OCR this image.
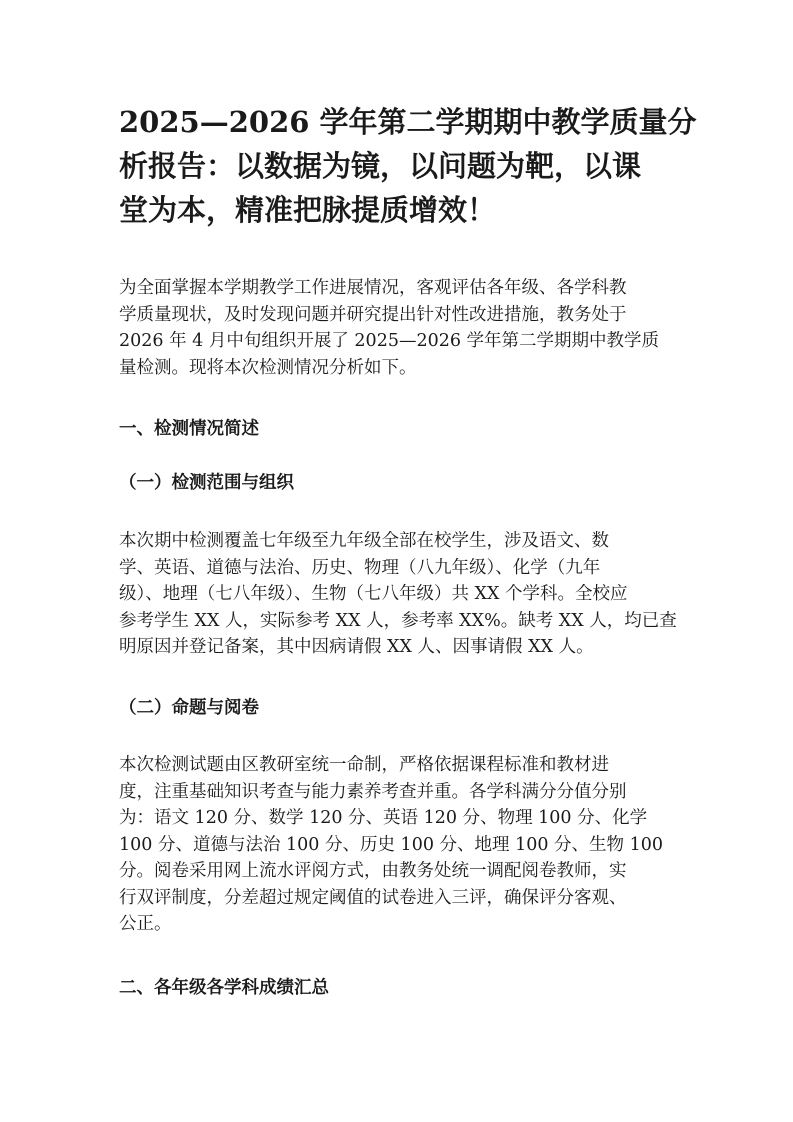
2025—2026 学年第二学期期中教学质量分
析报告：以数据为镜，以问题为靶，以课
堂为本，精准把脉提质增效！

为全面掌握本学期教学工作进展情况，客观评估各年级、各学科教
学质量现状，及时发现问题并研究提出针对性改进措施，教务处于
2026 年 4 月中旬组织开展了 2025—2026 学年第二学期期中教学质
量检测。现将本次检测情况分析如下。

一、检测情况简述
（一）检测范围与组织

本次期中检测覆盖七年级至九年级全部在校学生，涉及语文、数
学、英语、道德与法治、历史、物理（八九年级）、化学（九年
级）、地理（七八年级）、生物（七八年级）共 XX 个学科。全校应
参考学生 XX 人，实际参考 XX 人，参考率 XX%。缺考 XX 人，均已查
明原因并登记备案，其中因病请假 XX 人、因事请假 XX 人。

（二）命题与阅卷

本次检测试题由区教研室统一命制，严格依据课程标准和教材进
度，注重基础知识考查与能力素养考查并重。各学科满分分值分别
为：语文 120 分、数学 120 分、英语 120 分、物理 100 分、化学
100 分、道德与法治 100 分、历史 100 分、地理 100 分、生物 100
分。阅卷采用网上流水评阅方式，由教务处统一调配阅卷教师，实
行双评制度，分差超过规定阈值的试卷进入三评，确保评分客观、
公正。

二、各年级各学科成绩汇总
